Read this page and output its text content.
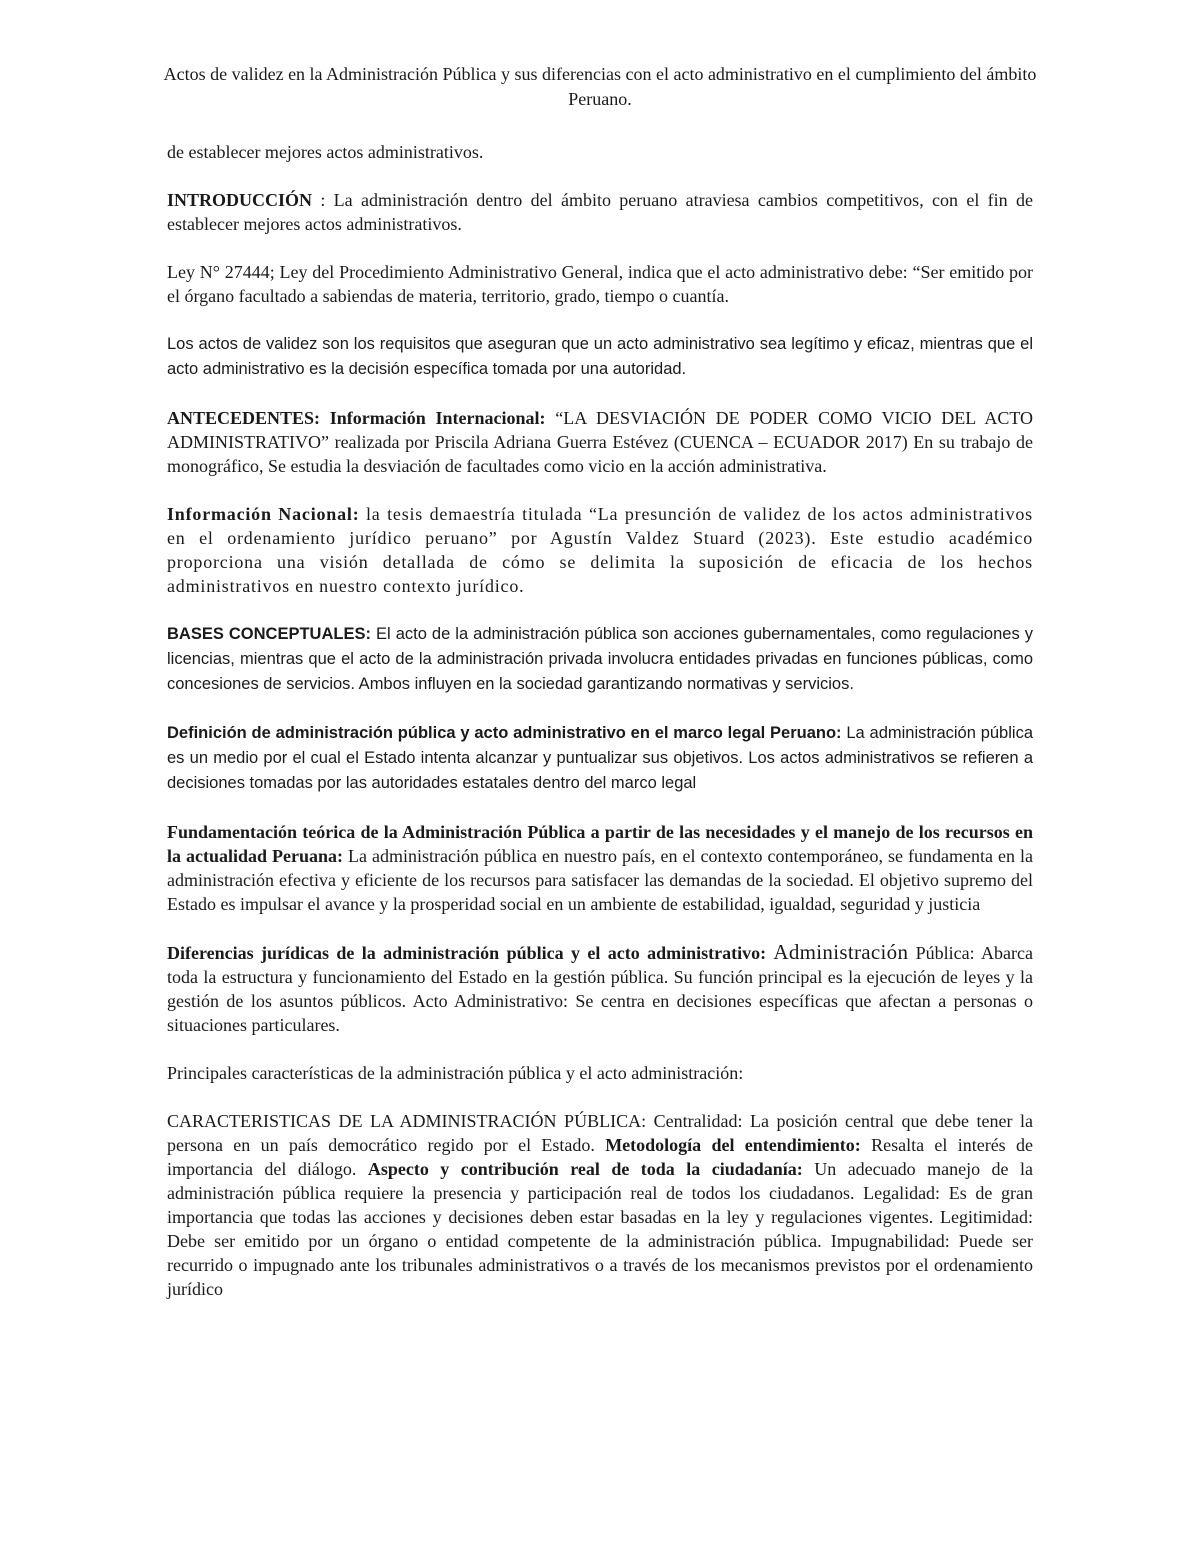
Actos de validez en la Administración Pública y sus diferencias con el acto administrativo en el cumplimiento del ámbito Peruano.

de establecer mejores actos administrativos.

INTRODUCCIÓN : La administración dentro del ámbito peruano atraviesa cambios competitivos, con el fin de establecer mejores actos administrativos.

Ley N° 27444; Ley del Procedimiento Administrativo General, indica que el acto administrativo debe: “Ser emitido por el órgano facultado a sabiendas de materia, territorio, grado, tiempo o cuantía.

Los actos de validez son los requisitos que aseguran que un acto administrativo sea legítimo y eficaz, mientras que el acto administrativo es la decisión específica tomada por una autoridad.

ANTECEDENTES: Información Internacional: “LA DESVIACIÓN DE PODER COMO VICIO DEL ACTO ADMINISTRATIVO” realizada por Priscila Adriana Guerra Estévez (CUENCA – ECUADOR 2017) En su trabajo de monográfico, Se estudia la desviación de facultades como vicio en la acción administrativa.

Información Nacional: la tesis demaestría titulada “La presunción de validez de los actos administrativos en el ordenamiento jurídico peruano” por Agustín Valdez Stuard (2023). Este estudio académico proporciona una visión detallada de cómo se delimita la suposición de eficacia de los hechos administrativos en nuestro contexto jurídico.

BASES CONCEPTUALES: El acto de la administración pública son acciones gubernamentales, como regulaciones y licencias, mientras que el acto de la administración privada involucra entidades privadas en funciones públicas, como concesiones de servicios. Ambos influyen en la sociedad garantizando normativas y servicios.

Definición de administración pública y acto administrativo en el marco legal Peruano: La administración pública es un medio por el cual el Estado intenta alcanzar y puntualizar sus objetivos. Los actos administrativos se refieren a decisiones tomadas por las autoridades estatales dentro del marco legal

Fundamentación teórica de la Administración Pública a partir de las necesidades y el manejo de los recursos en la actualidad Peruana: La administración pública en nuestro país, en el contexto contemporáneo, se fundamenta en la administración efectiva y eficiente de los recursos para satisfacer las demandas de la sociedad. El objetivo supremo del Estado es impulsar el avance y la prosperidad social en un ambiente de estabilidad, igualdad, seguridad y justicia

Diferencias jurídicas de la administración pública y el acto administrativo: Administración Pública: Abarca toda la estructura y funcionamiento del Estado en la gestión pública. Su función principal es la ejecución de leyes y la gestión de los asuntos públicos. Acto Administrativo: Se centra en decisiones específicas que afectan a personas o situaciones particulares.

Principales características de la administración pública y el acto administración:

CARACTERISTICAS DE LA ADMINISTRACIÓN PÚBLICA: Centralidad: La posición central que debe tener la persona en un país democrático regido por el Estado. Metodología del entendimiento: Resalta el interés de importancia del diálogo. Aspecto y contribución real de toda la ciudadanía: Un adecuado manejo de la administración pública requiere la presencia y participación real de todos los ciudadanos. Legalidad: Es de gran importancia que todas las acciones y decisiones deben estar basadas en la ley y regulaciones vigentes. Legitimidad: Debe ser emitido por un órgano o entidad competente de la administración pública. Impugnabilidad: Puede ser recurrido o impugnado ante los tribunales administrativos o a través de los mecanismos previstos por el ordenamiento jurídico
